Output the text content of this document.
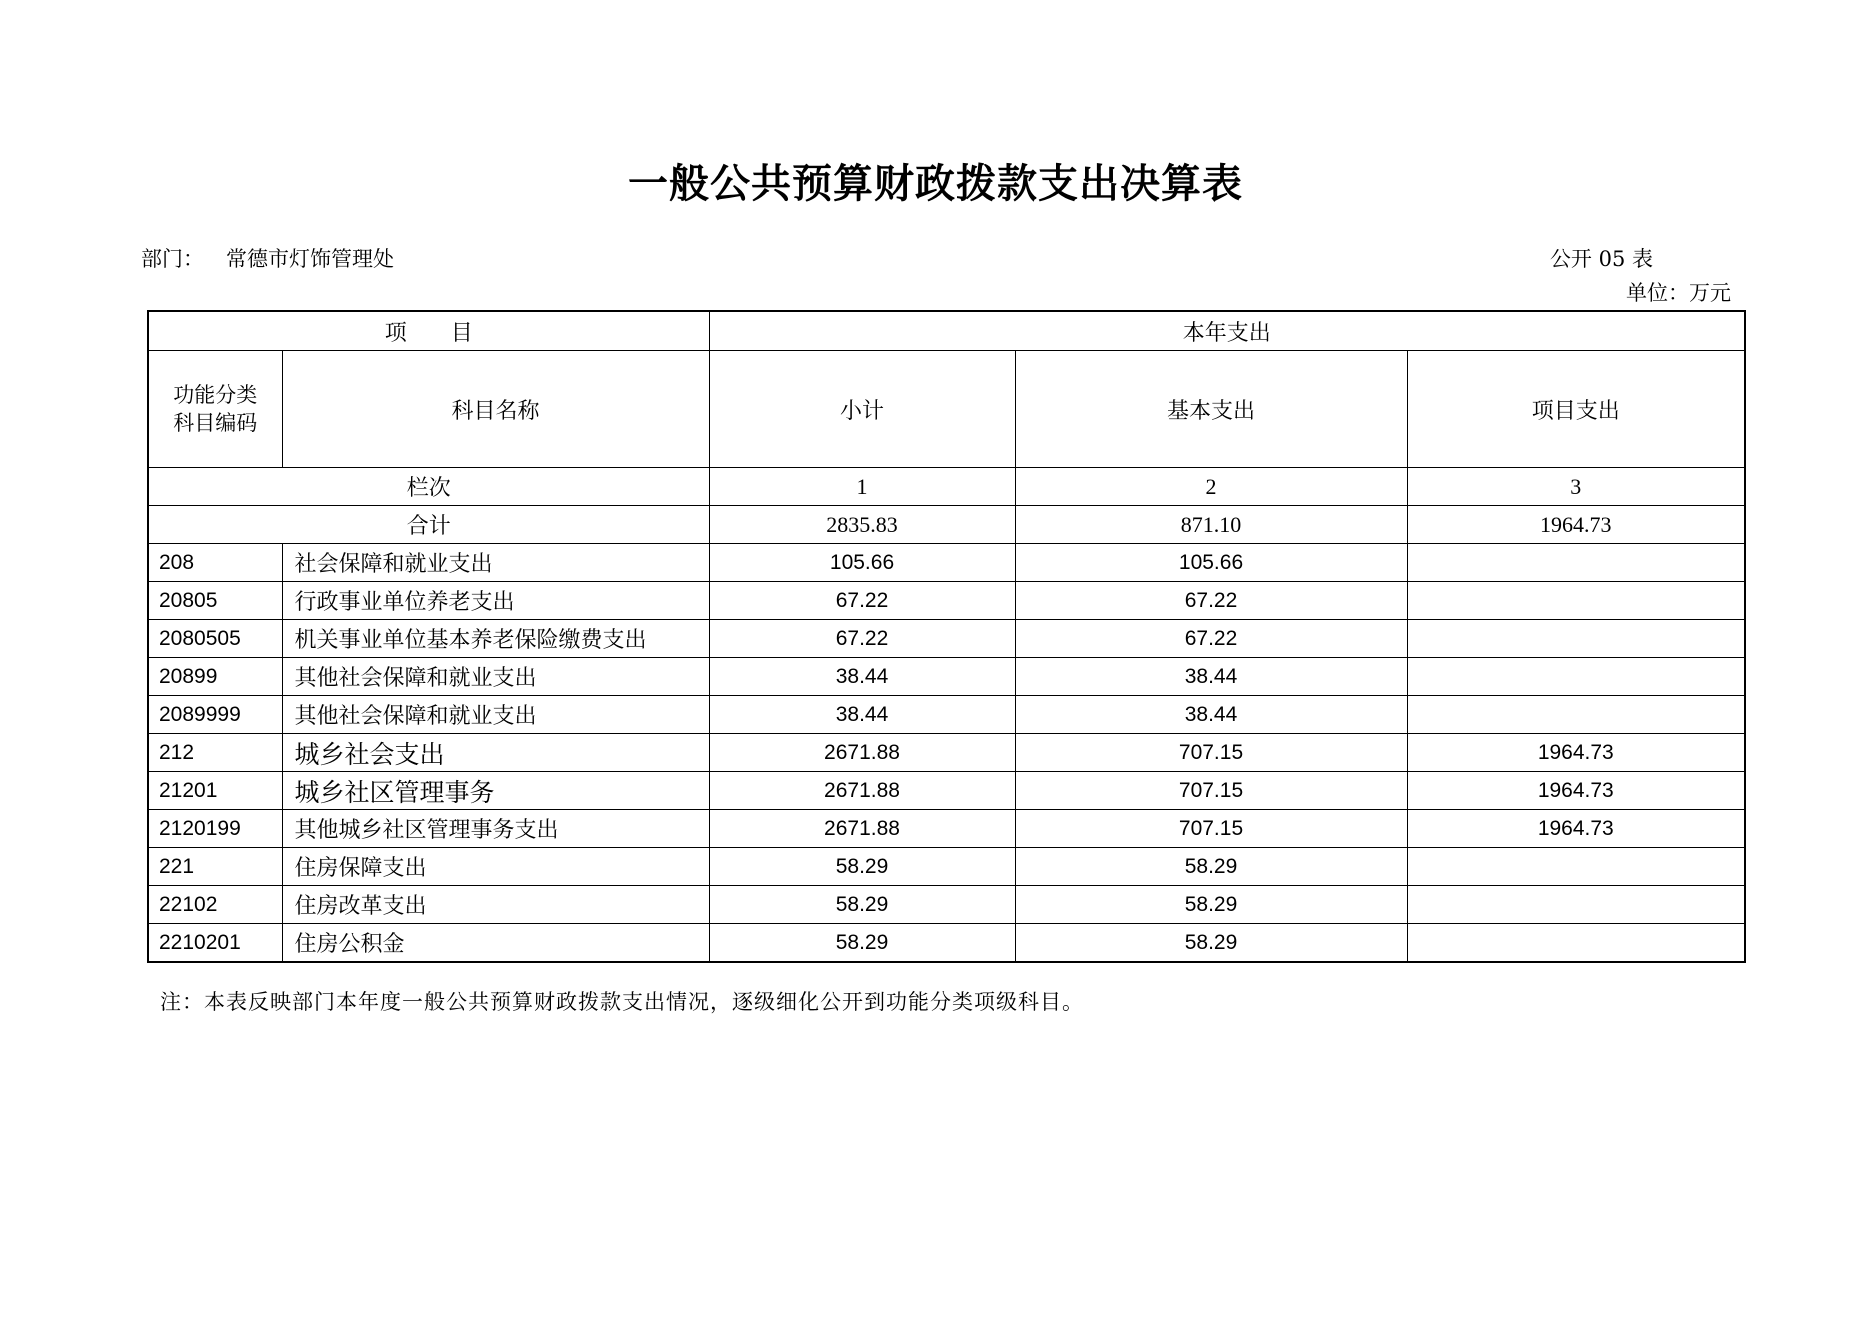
一般公共预算财政拨款支出决算表
部门： 常德市灯饰管理处	公开 05 表
单位：万元
项　　目		本年支出		

功能分类
科目编码	科目名称	小计	基本支出	项目支出
栏次		1	2	3
合计		2835.83	871.10	1964.73
208	社会保障和就业支出	105.66	105.66	
20805	行政事业单位养老支出	67.22	67.22	
2080505	机关事业单位基本养老保险缴费支出	67.22	67.22	
20899	其他社会保障和就业支出	38.44	38.44	
2089999	其他社会保障和就业支出	38.44	38.44	
212	城乡社会支出	2671.88	707.15	1964.73
21201	城乡社区管理事务	2671.88	707.15	1964.73
2120199	其他城乡社区管理事务支出	2671.88	707.15	1964.73
221	住房保障支出	58.29	58.29	
22102	住房改革支出	58.29	58.29	
2210201	住房公积金	58.29	58.29	
注：本表反映部门本年度一般公共预算财政拨款支出情况，逐级细化公开到功能分类项级科目。
